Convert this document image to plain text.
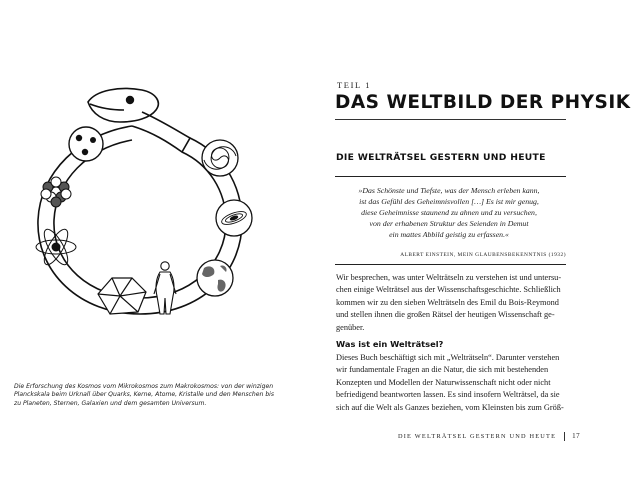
Die Erforschung des Kosmos vom Mikrokosmos zum Makrokosmos: von der winzigen Planckskala beim Urknall über Quarks, Kerne, Atome, Kristalle und den Menschen bis zu Planeten, Sternen, Galaxien und dem gesamten Universum.
TEIL 1
DAS WELTBILD DER PHYSIK
DIE WELTRÄTSEL GESTERN UND HEUTE
»Das Schönste und Tiefste, was der Mensch erleben kann,
ist das Gefühl des Geheimnisvollen […] Es ist mir genug,
diese Geheimnisse staunend zu ahnen und zu versuchen,
von der erhabenen Struktur des Seienden in Demut
ein mattes Abbild geistig zu erfassen.«
ALBERT EINSTEIN, MEIN GLAUBENSBEKENNTNIS (1932)
Wir besprechen, was unter Welträtseln zu verstehen ist und untersu-
chen einige Welträtsel aus der Wissenschaftsgeschichte. Schließlich
kommen wir zu den sieben Welträtseln des Emil du Bois-Reymond
und stellen ihnen die großen Rätsel der heutigen Wissenschaft ge-
genüber.
Was ist ein Welträtsel?
Dieses Buch beschäftigt sich mit „Welträtseln“. Darunter verstehen
wir fundamentale Fragen an die Natur, die sich mit bestehenden
Konzepten und Modellen der Naturwissenschaft nicht oder nicht
befriedigend beantworten lassen. Es sind insofern Welträtsel, da sie
sich auf die Welt als Ganzes beziehen, vom Kleinsten bis zum Größ-
DIE WELTRÄTSEL GESTERN UND HEUTE 17
